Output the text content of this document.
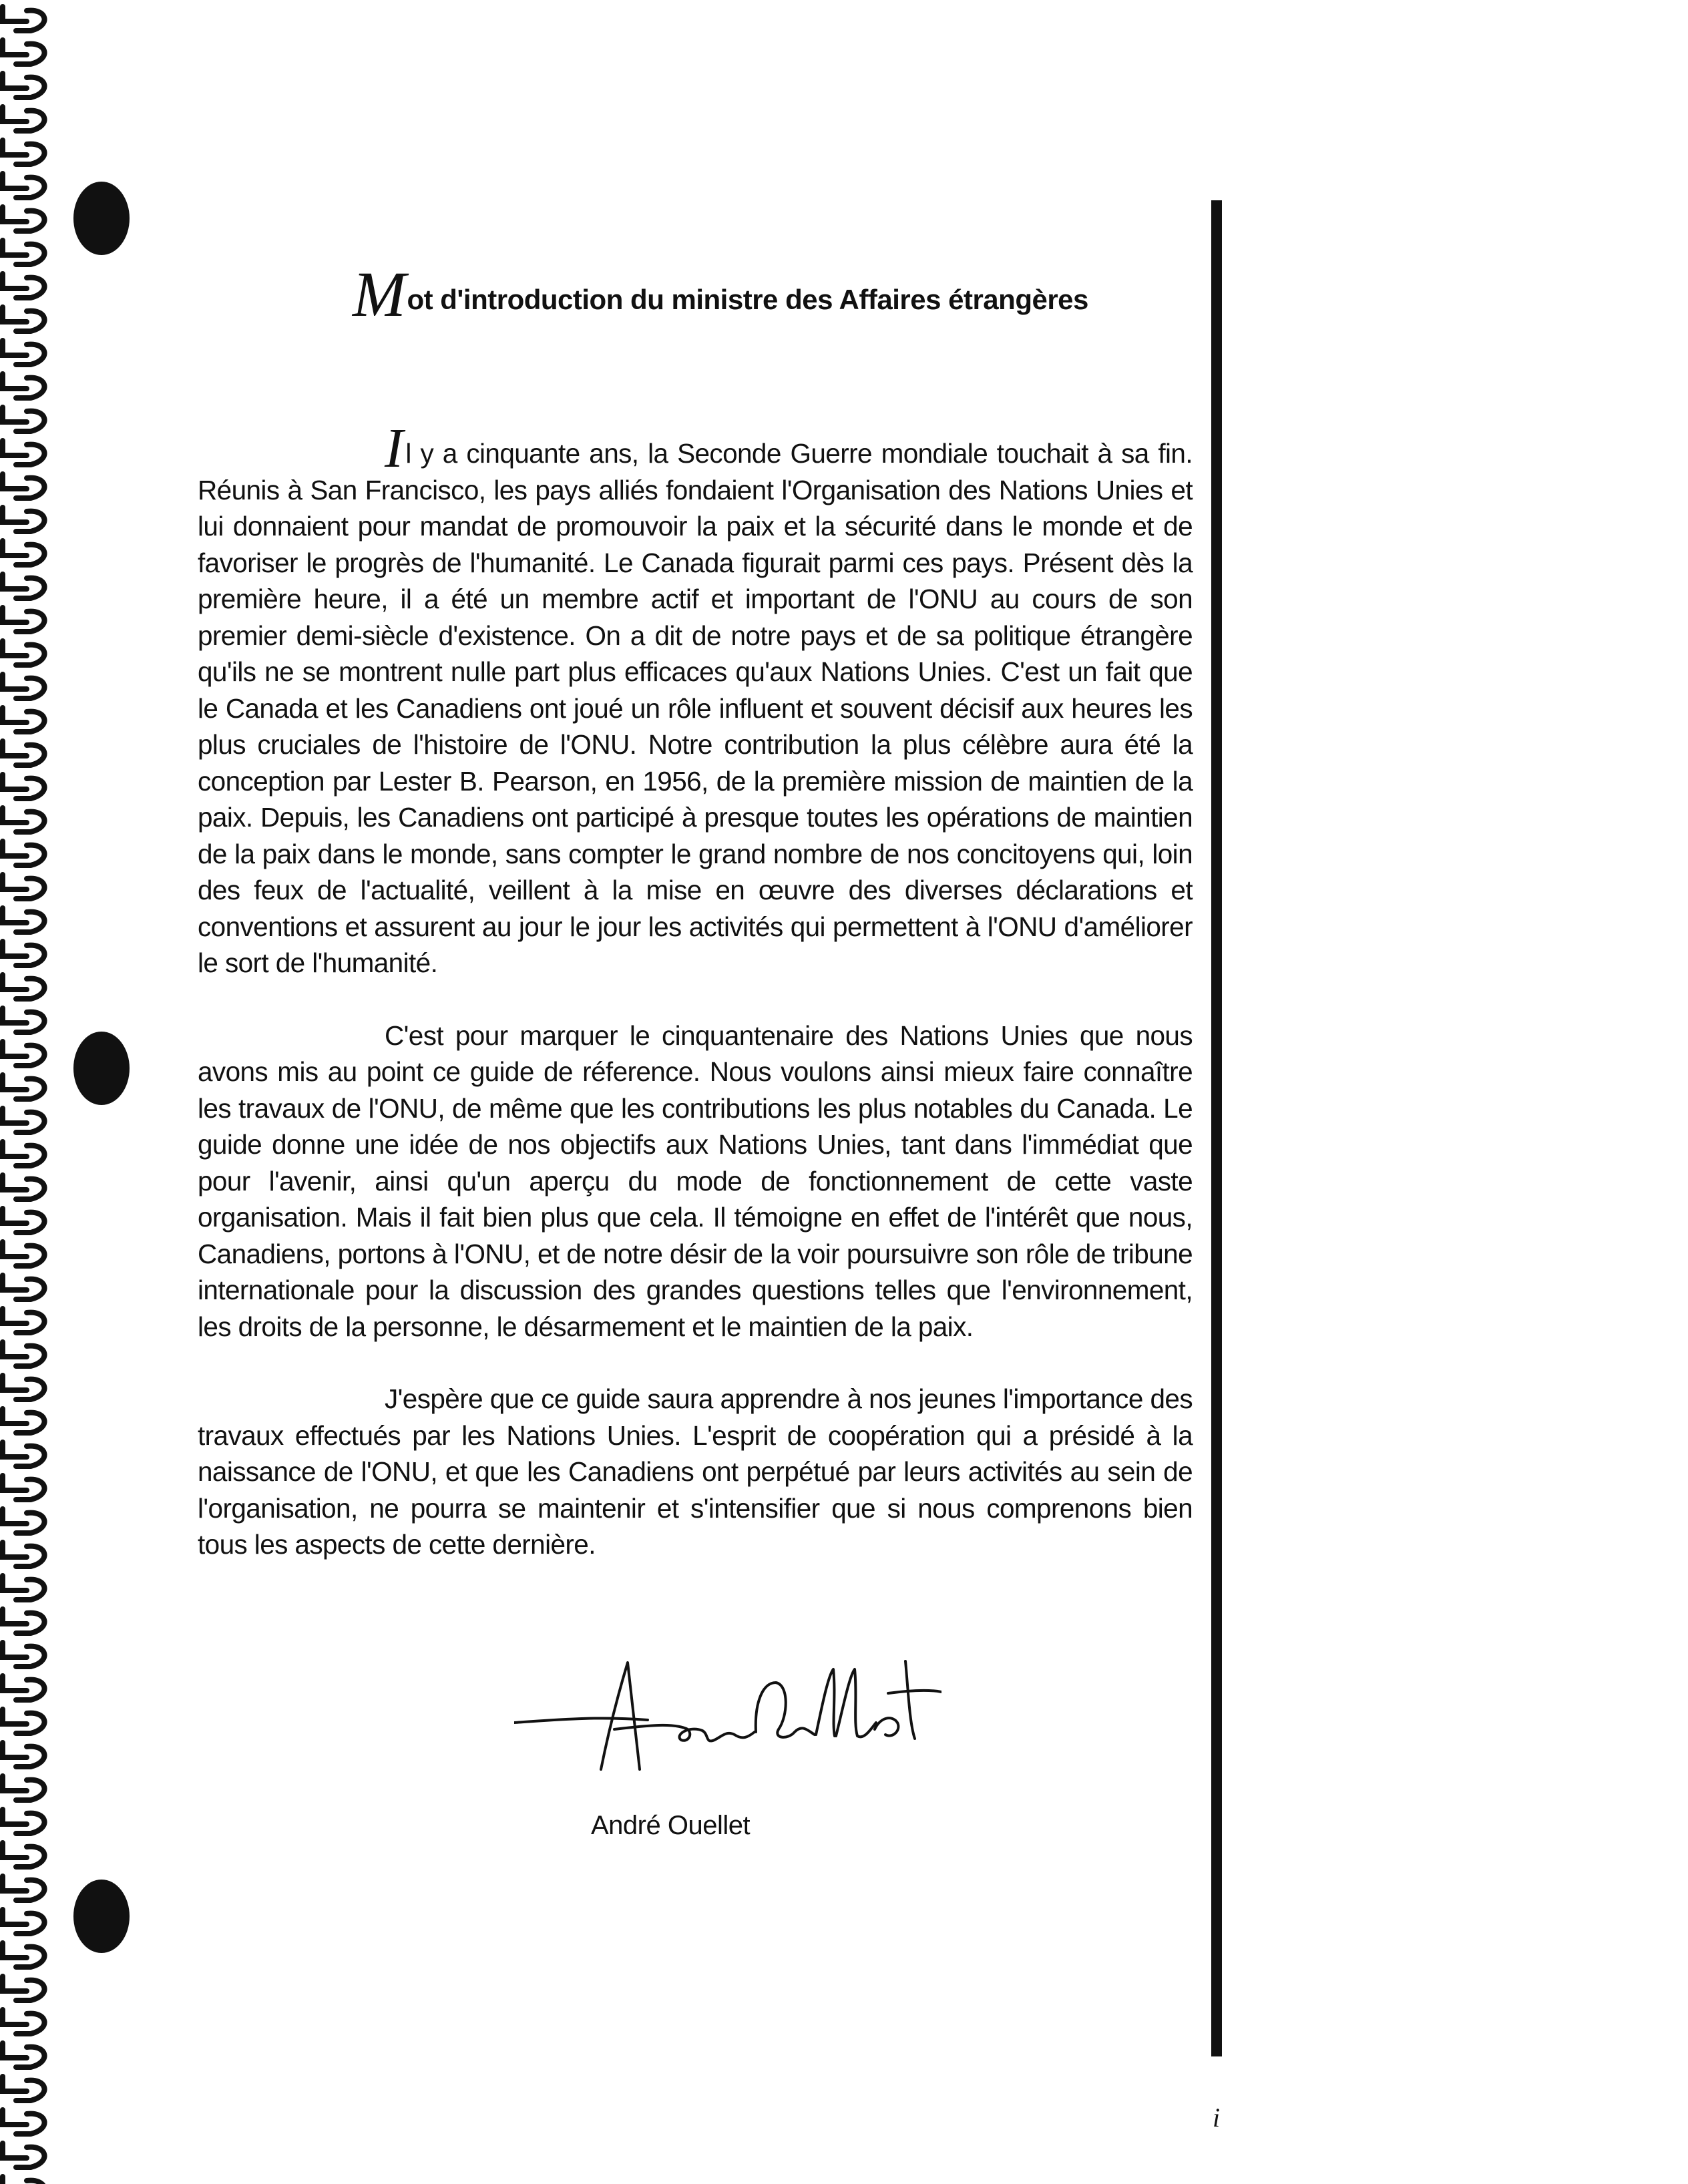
Mot d'introduction du ministre des Affaires étrangères

Il y a cinquante ans, la Seconde Guerre mondiale touchait à sa fin. Réunis à San Francisco, les pays alliés fondaient l'Organisation des Nations Unies et lui donnaient pour mandat de promouvoir la paix et la sécurité dans le monde et de favoriser le progrès de l'humanité. Le Canada figurait parmi ces pays. Présent dès la première heure, il a été un membre actif et important de l'ONU au cours de son premier demi-siècle d'existence. On a dit de notre pays et de sa politique étrangère qu'ils ne se montrent nulle part plus efficaces qu'aux Nations Unies. C'est un fait que le Canada et les Canadiens ont joué un rôle influent et souvent décisif aux heures les plus cruciales de l'histoire de l'ONU. Notre contribution la plus célèbre aura été la conception par Lester B. Pearson, en 1956, de la première mission de maintien de la paix. Depuis, les Canadiens ont participé à presque toutes les opérations de maintien de la paix dans le monde, sans compter le grand nombre de nos concitoyens qui, loin des feux de l'actualité, veillent à la mise en œuvre des diverses déclarations et conventions et assurent au jour le jour les activités qui permettent à l'ONU d'améliorer le sort de l'humanité.

C'est pour marquer le cinquantenaire des Nations Unies que nous avons mis au point ce guide de réference. Nous voulons ainsi mieux faire connaître les travaux de l'ONU, de même que les contributions les plus notables du Canada. Le guide donne une idée de nos objectifs aux Nations Unies, tant dans l'immédiat que pour l'avenir, ainsi qu'un aperçu du mode de fonctionnement de cette vaste organisation. Mais il fait bien plus que cela. Il témoigne en effet de l'intérêt que nous, Canadiens, portons à l'ONU, et de notre désir de la voir poursuivre son rôle de tribune internationale pour la discussion des grandes questions telles que l'environnement, les droits de la personne, le désarmement et le maintien de la paix.

J'espère que ce guide saura apprendre à nos jeunes l'importance des travaux effectués par les Nations Unies. L'esprit de coopération qui a présidé à la naissance de l'ONU, et que les Canadiens ont perpétué par leurs activités au sein de l'organisation, ne pourra se maintenir et s'intensifier que si nous comprenons bien tous les aspects de cette dernière.

André Ouellet
i
